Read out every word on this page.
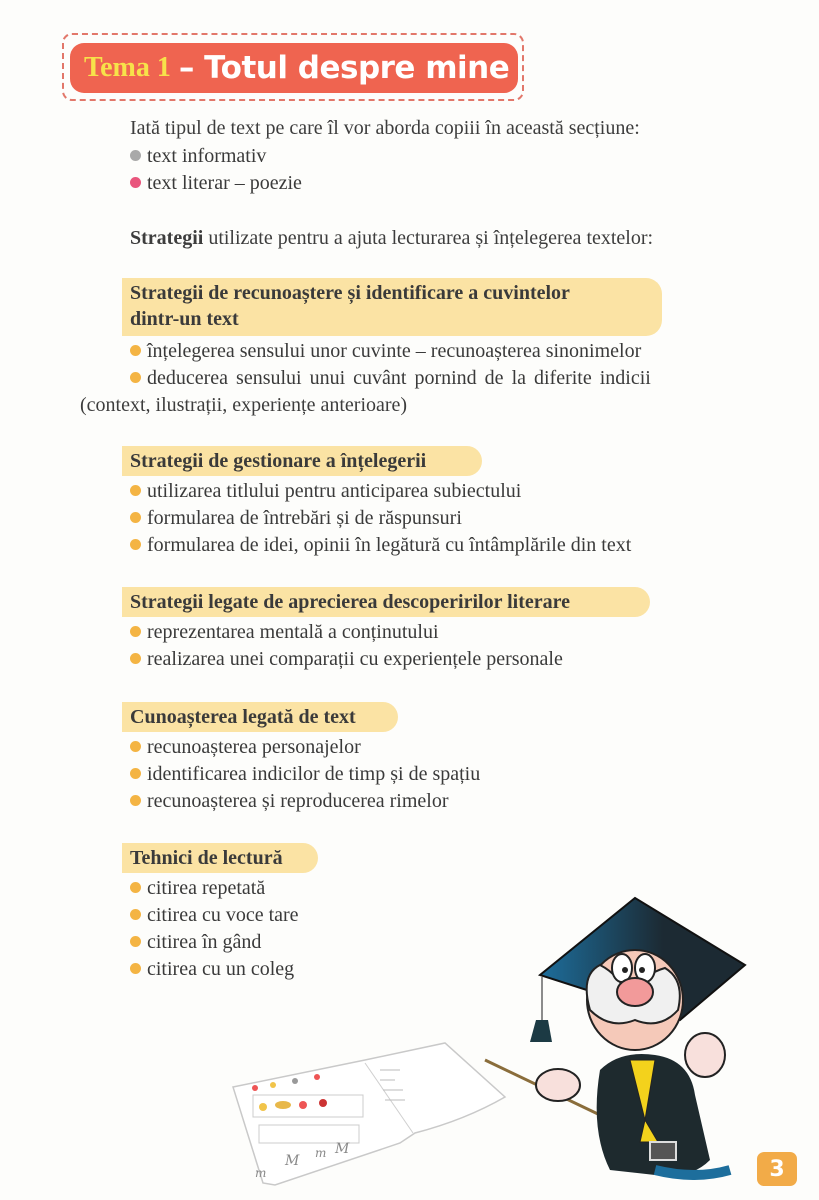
Tema 1 – Totul despre mine
Iată tipul de text pe care îl vor aborda copiii în această secțiune:
text informativ
text literar – poezie
Strategii utilizate pentru a ajuta lecturarea și înțelegerea textelor:
Strategii de recunoaștere și identificare a cuvintelor
dintr-un text
înțelegerea sensului unor cuvinte – recunoașterea sinonimelor
deducerea sensului unui cuvânt pornind de la diferite indicii
(context, ilustrații, experiențe anterioare)
Strategii de gestionare a înțelegerii
utilizarea titlului pentru anticiparea subiectului
formularea de întrebări și de răspunsuri
formularea de idei, opinii în legătură cu întâmplările din text
Strategii legate de aprecierea descoperirilor literare
reprezentarea mentală a conținutului
realizarea unei comparații cu experiențele personale
Cunoașterea legată de text
recunoașterea personajelor
identificarea indicilor de timp și de spațiu
recunoașterea și reproducerea rimelor
Tehnici de lectură
citirea repetată
citirea cu voce tare
citirea în gând
citirea cu un coleg
M
M
m
m
3
